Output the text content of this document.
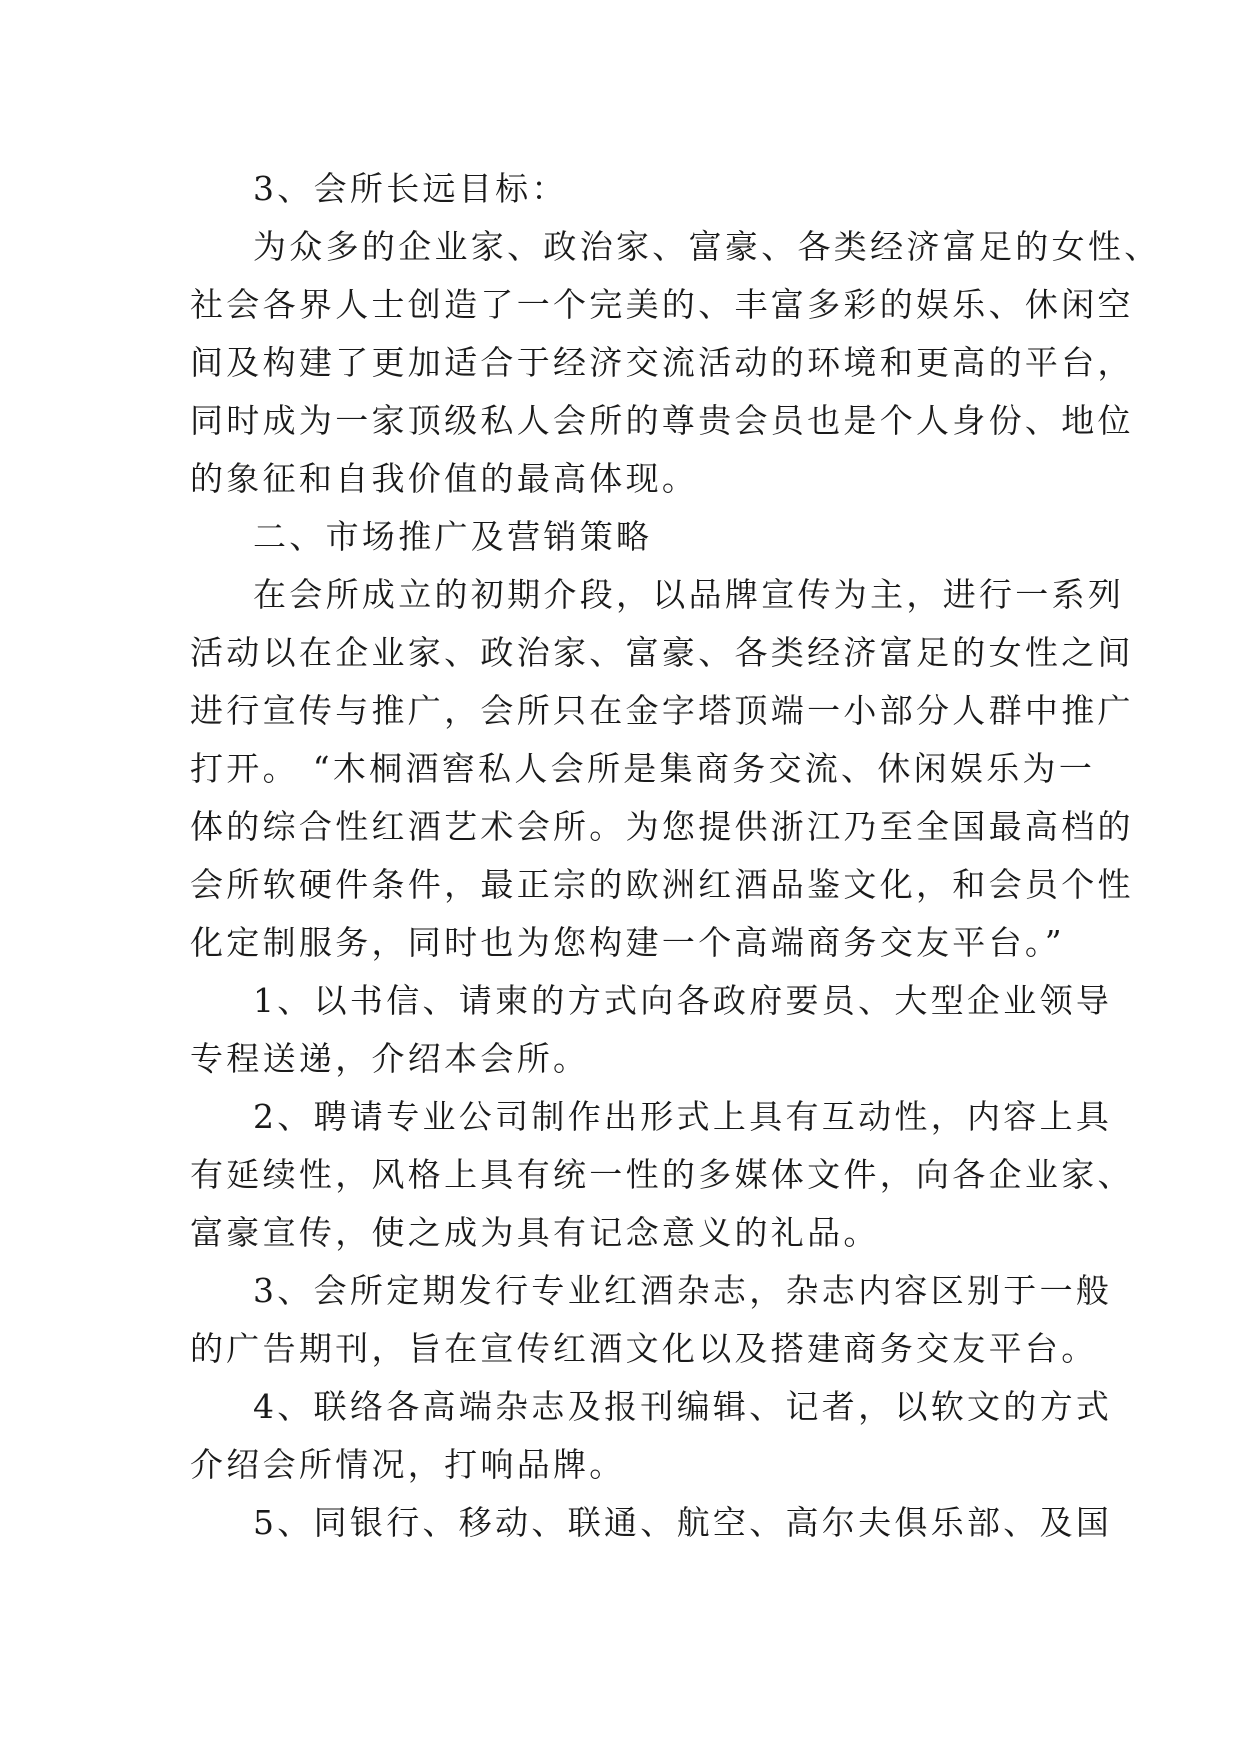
3、会所长远目标：
为众多的企业家、政治家、富豪、各类经济富足的女性、
社会各界人士创造了一个完美的、丰富多彩的娱乐、休闲空
间及构建了更加适合于经济交流活动的环境和更高的平台，
同时成为一家顶级私人会所的尊贵会员也是个人身份、地位
的象征和自我价值的最高体现。
二、市场推广及营销策略
在会所成立的初期介段，以品牌宣传为主，进行一系列
活动以在企业家、政治家、富豪、各类经济富足的女性之间
进行宣传与推广，会所只在金字塔顶端一小部分人群中推广
打开。 “木桐酒窖私人会所是集商务交流、休闲娱乐为一
体的综合性红酒艺术会所。为您提供浙江乃至全国最高档的
会所软硬件条件，最正宗的欧洲红酒品鉴文化，和会员个性
化定制服务，同时也为您构建一个高端商务交友平台。”
1、以书信、请柬的方式向各政府要员、大型企业领导
专程送递，介绍本会所。
2、聘请专业公司制作出形式上具有互动性，内容上具
有延续性，风格上具有统一性的多媒体文件，向各企业家、
富豪宣传，使之成为具有记念意义的礼品。
3、会所定期发行专业红酒杂志，杂志内容区别于一般
的广告期刊，旨在宣传红酒文化以及搭建商务交友平台。
4、联络各高端杂志及报刊编辑、记者，以软文的方式
介绍会所情况，打响品牌。
5、同银行、移动、联通、航空、高尔夫俱乐部、及国
